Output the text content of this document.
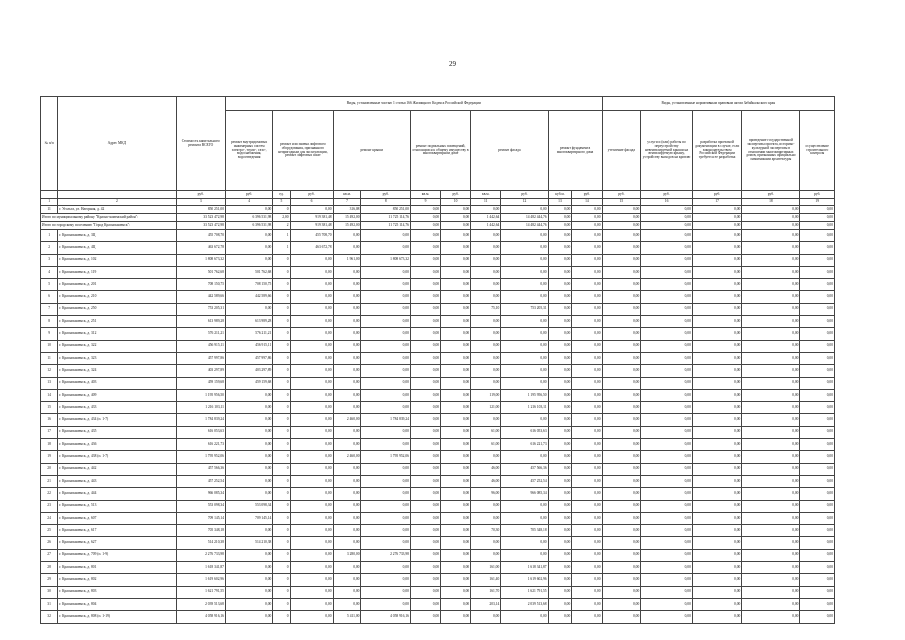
29
№ п/п	Адрес МКД	Стоимость капитального ремонта ВСЕГО	Виды, установленные частью 1 статьи 166 Жилищного Кодекса Российской Федерации											Виды, установленные нормативным правовым актом Забайкальского края				
			ремонт внутридомовых инженерных систем электро-, тепло-, газо-, водоснабжения, водоотведения	ремонт или замена лифтового оборудования, признанного непригодным для эксплуатации, ремонт лифтовых шахт		ремонт крыши		ремонт подвальных помещений, относящихся к общему имуществу в многоквартирном доме		ремонт фасада		ремонт фундамента многоквартирного дома		утепление фасада	услуги и (или) работы по переустройству невентилируемой крыши на вентилируемую крышу, устройству выходов на кровлю	разработка проектной документации в случае, если законодательством Российской Федерации требуется ее разработка	проведение государственной экспертизы проекта, историко-культурной экспертизы в отношении многоквартирных домов, признанных официально памятниками архитектуры	осуществление строительного контроля
		руб.	руб.	ед.	руб.	кв.м.	руб.	кв.м.	руб.	кв.м.	руб.	куб.м.	руб.	руб.	руб.	руб.	руб.	руб.
1	2	3	4	5	6	7	8	9	10	11	12	13	14	15	16	17	18	19
11	г. Угольга, ул. Нагорная, д. 42	850 251,00	0,00	0	0,00	316,08	850 251,00	0,00	0,00	0,00	0,00	0,00	0,00	0,00	0,00	0,00	0,00	0,00
Итого по муниципальному району "Красно-каменский район":		33 523 472,98	6 396 531,98	2,00	919 381,48	15 492,00	11 725 114,76	0,00	0,00	1 442,64	14 482 444,76	0,00	0,00	0,00	0,00	0,00	0,00	0,00
Итого по городскому поселению "Город Краснокаменск":		33 523 472,98	6 396 531,98	2	919 381,48	15 492,00	11 725 114,76	0,00	0,00	1 442,64	14 482 444,76	0,00	0,00	0,00	0,00	0,00	0,00	0,00
1	г. Краснокаменск, д. 3Ц	455 708,70	0,00	1	455 708,70	0,00	0,00	0,00	0,00	0,00	0,00	0,00	0,00	0,00	0,00	0,00	0,00	0,00
2	г. Краснокаменск, д. 4Ц	463 672,78	0,00	1	463 672,78	0,00	0,00	0,00	0,00	0,00	0,00	0,00	0,00	0,00	0,00	0,00	0,00	0,00
3	г. Краснокаменск, д. 102	1 808 673,32	0,00	0	0,00	1 961,00	1 808 673,32	0,00	0,00	0,00	0,00	0,00	0,00	0,00	0,00	0,00	0,00	0,00
4	г. Краснокаменск, д. 119	501 762,68	501 762,68	0	0,00	0,00	0,00	0,00	0,00	0,00	0,00	0,00	0,00	0,00	0,00	0,00	0,00	0,00
5	г. Краснокаменск, д. 201	708 150,75	708 150,75	0	0,00	0,00	0,00	0,00	0,00	0,00	0,00	0,00	0,00	0,00	0,00	0,00	0,00	0,00
6	г. Краснокаменск, д. 210	442 589,66	442 589,66	0	0,00	0,00	0,00	0,00	0,00	0,00	0,00	0,00	0,00	0,00	0,00	0,00	0,00	0,00
7	г. Краснокаменск, д. 250	753 205,31	0,00	0	0,00	0,00	0,00	0,00	0,00	75,10	753 205,31	0,00	0,00	0,00	0,00	0,00	0,00	0,00
8	г. Краснокаменск, д. 251	613 989,28	613 989,28	0	0,00	0,00	0,00	0,00	0,00	0,00	0,00	0,00	0,00	0,00	0,00	0,00	0,00	0,00
9	г. Краснокаменск, д. 312	576 211,21	576 211,21	0	0,00	0,00	0,00	0,00	0,00	0,00	0,00	0,00	0,00	0,00	0,00	0,00	0,00	0,00
10	г. Краснокаменск, д. 322	456 915,11	456 915,11	0	0,00	0,00	0,00	0,00	0,00	0,00	0,00	0,00	0,00	0,00	0,00	0,00	0,00	0,00
11	г. Краснокаменск, д. 323	457 997,86	457 997,86	0	0,00	0,00	0,00	0,00	0,00	0,00	0,00	0,00	0,00	0,00	0,00	0,00	0,00	0,00
12	г. Краснокаменск, д. 324	403 297,89	403 297,89	0	0,00	0,00	0,00	0,00	0,00	0,00	0,00	0,00	0,00	0,00	0,00	0,00	0,00	0,00
13	г. Краснокаменск, д. 403	459 159,68	459 159,68	0	0,00	0,00	0,00	0,00	0,00	0,00	0,00	0,00	0,00	0,00	0,00	0,00	0,00	0,00
14	г. Краснокаменск, д. 409	1 195 956,50	0,00	0	0,00	0,00	0,00	0,00	0,00	119,00	1 195 956,50	0,00	0,00	0,00	0,00	0,00	0,00	0,00
15	г. Краснокаменск, д. 433	1 216 103,11	0,00	0	0,00	0,00	0,00	0,00	0,00	121,00	1 216 103,11	0,00	0,00	0,00	0,00	0,00	0,00	0,00
16	г. Краснокаменск, д. 434 (п. 1-7)	1 784 839,24	0,00	0	0,00	2 460,00	1 784 839,24	0,00	0,00	0,00	0,00	0,00	0,00	0,00	0,00	0,00	0,00	0,00
17	г. Краснокаменск, д. 435	616 053,63	0,00	0	0,00	0,00	0,00	0,00	0,00	61,00	616 053,63	0,00	0,00	0,00	0,00	0,00	0,00	0,00
18	г. Краснокаменск, д. 436	616 221,73	0,00	0	0,00	0,00	0,00	0,00	0,00	61,00	616 221,73	0,00	0,00	0,00	0,00	0,00	0,00	0,00
19	г. Краснокаменск, д. 438 (п. 1-7)	1 795 952,06	0,00	0	0,00	2 460,00	1 795 952,06	0,00	0,00	0,00	0,00	0,00	0,00	0,00	0,00	0,00	0,00	0,00
20	г. Краснокаменск, д. 442	457 566,36	0,00	0	0,00	0,00	0,00	0,00	0,00	46,00	457 566,36	0,00	0,00	0,00	0,00	0,00	0,00	0,00
21	г. Краснокаменск, д. 443	457 252,54	0,00	0	0,00	0,00	0,00	0,00	0,00	46,00	457 252,54	0,00	0,00	0,00	0,00	0,00	0,00	0,00
22	г. Краснокаменск, д. 444	966 085,34	0,00	0	0,00	0,00	0,00	0,00	0,00	96,00	966 085,34	0,00	0,00	0,00	0,00	0,00	0,00	0,00
23	г. Краснокаменск, д. 513	553 098,34	553 098,34	0	0,00	0,00	0,00	0,00	0,00	0,00	0,00	0,00	0,00	0,00	0,00	0,00	0,00	0,00
24	г. Краснокаменск, д. 607	709 145,14	709 145,14	0	0,00	0,00	0,00	0,00	0,00	0,00	0,00	0,00	0,00	0,00	0,00	0,00	0,00	0,00
25	г. Краснокаменск, д. 617	705 348,18	0,00	0	0,00	0,00	0,00	0,00	0,00	70,30	705 348,18	0,00	0,00	0,00	0,00	0,00	0,00	0,00
26	г. Краснокаменск, д. 627	514 210,38	514 210,38	0	0,00	0,00	0,00	0,00	0,00	0,00	0,00	0,00	0,00	0,00	0,00	0,00	0,00	0,00
27	г. Краснокаменск, д. 709 (п. 1-9)	2 276 733,98	0,00	0	0,00	3 280,00	2 276 733,98	0,00	0,00	0,00	0,00	0,00	0,00	0,00	0,00	0,00	0,00	0,00
28	г. Краснокаменск, д. 801	1 618 341,87	0,00	0	0,00	0,00	0,00	0,00	0,00	161,00	1 618 341,87	0,00	0,00	0,00	0,00	0,00	0,00	0,00
29	г. Краснокаменск, д. 802	1 619 602,96	0,00	0	0,00	0,00	0,00	0,00	0,00	161,40	1 619 602,96	0,00	0,00	0,00	0,00	0,00	0,00	0,00
30	г. Краснокаменск, д. 803	1 621 791,55	0,00	0	0,00	0,00	0,00	0,00	0,00	161,70	1 621 791,55	0,00	0,00	0,00	0,00	0,00	0,00	0,00
31	г. Краснокаменск, д. 804	2 039 513,68	0,00	0	0,00	0,00	0,00	0,00	0,00	203,14	2 039 513,68	0,00	0,00	0,00	0,00	0,00	0,00	0,00
32	г. Краснокаменск, д. 808 (п. 1-19)	4 058 916,16	0,00	0	0,00	5 411,00	4 058 916,16	0,00	0,00	0,00	0,00	0,00	0,00	0,00	0,00	0,00	0,00	0,00
